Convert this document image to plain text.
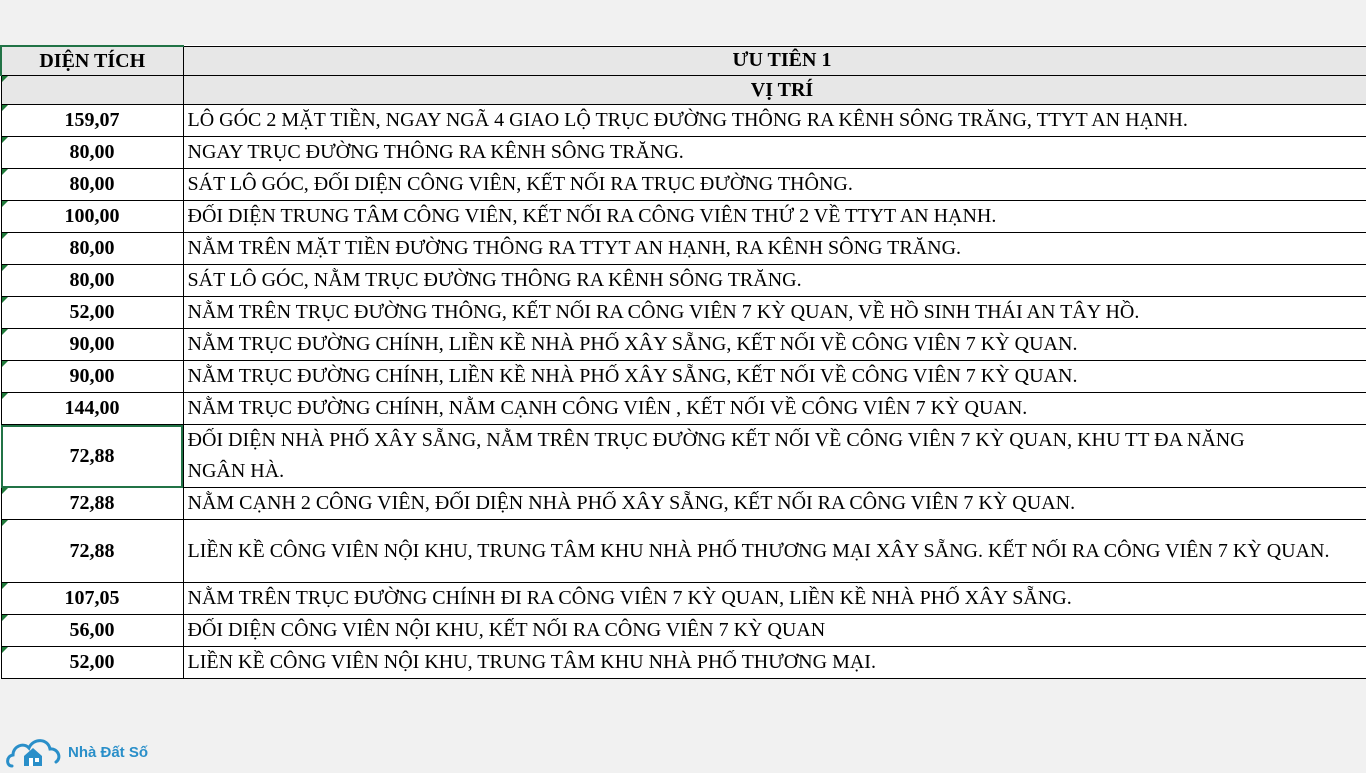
DIỆN TÍCH	ƯU TIÊN 1

	VỊ TRÍ

159,07	LÔ GÓC 2 MẶT TIỀN, NGAY NGÃ 4 GIAO LỘ TRỤC ĐƯỜNG THÔNG RA KÊNH SÔNG TRĂNG, TTYT AN HẠNH.

80,00	NGAY TRỤC ĐƯỜNG THÔNG RA KÊNH SÔNG TRĂNG.

80,00	SÁT LÔ GÓC, ĐỐI DIỆN CÔNG VIÊN, KẾT NỐI RA TRỤC ĐƯỜNG THÔNG.

100,00	ĐỐI DIỆN TRUNG TÂM CÔNG VIÊN, KẾT NỐI RA CÔNG VIÊN THỨ 2 VỀ TTYT AN HẠNH.

80,00	NẰM TRÊN MẶT TIỀN ĐƯỜNG THÔNG RA TTYT AN HẠNH, RA KÊNH SÔNG TRĂNG.

80,00	SÁT LÔ GÓC, NẰM TRỤC ĐƯỜNG THÔNG RA KÊNH SÔNG TRĂNG.

52,00	NẰM TRÊN TRỤC ĐƯỜNG THÔNG, KẾT NỐI RA CÔNG VIÊN 7 KỲ QUAN, VỀ HỒ SINH THÁI AN TÂY HỒ.

90,00	NẰM TRỤC ĐƯỜNG CHÍNH, LIỀN KỀ NHÀ PHỐ XÂY SẴNG, KẾT NỐI VỀ CÔNG VIÊN 7 KỲ QUAN.

90,00	NẰM TRỤC ĐƯỜNG CHÍNH, LIỀN KỀ NHÀ PHỐ XÂY SẴNG, KẾT NỐI VỀ CÔNG VIÊN 7 KỲ QUAN.

144,00	NẰM TRỤC ĐƯỜNG CHÍNH, NẰM CẠNH CÔNG VIÊN , KẾT NỐI VỀ CÔNG VIÊN 7 KỲ QUAN.
72,88	ĐỐI DIỆN NHÀ PHỐ XÂY SẴNG, NẰM TRÊN TRỤC ĐƯỜNG KẾT NỐI VỀ CÔNG VIÊN 7 KỲ QUAN, KHU TT ĐA NĂNG
NGÂN HÀ.

72,88	NẰM CẠNH 2 CÔNG VIÊN, ĐỐI DIỆN NHÀ PHỐ XÂY SẴNG, KẾT NỐI RA CÔNG VIÊN 7 KỲ QUAN.

72,88	LIỀN KỀ CÔNG VIÊN NỘI KHU, TRUNG TÂM KHU NHÀ PHỐ THƯƠNG MẠI XÂY SẴNG. KẾT NỐI RA CÔNG VIÊN 7 KỲ QUAN.

107,05	NẰM TRÊN TRỤC ĐƯỜNG CHÍNH ĐI RA CÔNG VIÊN 7 KỲ QUAN, LIỀN KỀ NHÀ PHỐ XÂY SẴNG.

56,00	ĐỐI DIỆN CÔNG VIÊN NỘI KHU, KẾT NỐI RA CÔNG VIÊN 7 KỲ QUAN

52,00	LIỀN KỀ CÔNG VIÊN NỘI KHU, TRUNG TÂM KHU NHÀ PHỐ THƯƠNG MẠI.
Nhà Đất Số
